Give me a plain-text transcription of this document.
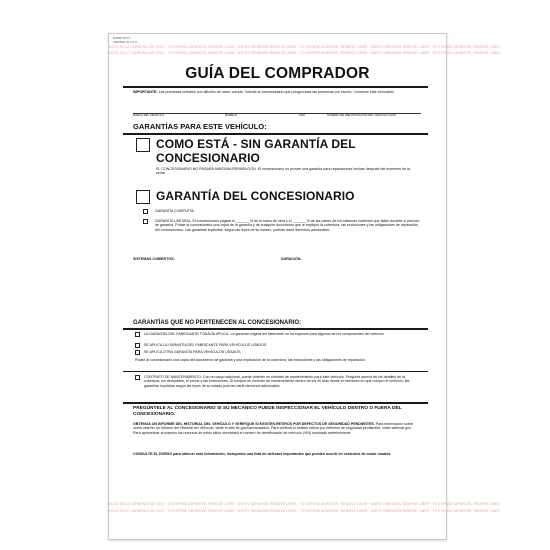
BG59P 500-3
PRINTED IN U.S.A.
ROJO SOLO CARBONLESS VOID · TO EXPOSE ADHESIVE, REMOVE LINER · AVERY DENNISON REMOVE LINER · TO EXPOSE ADHESIVE, REMOVE LINER · AVERY DENNISON REMOVE LINER · TO EXPOSE ADHESIVE, REMOVE LINER
ROJO SOLO CARBONLESS VOID · TO EXPOSE ADHESIVE, REMOVE LINER · AVERY DENNISON REMOVE LINER · TO EXPOSE ADHESIVE, REMOVE LINER · AVERY DENNISON REMOVE LINER · TO EXPOSE ADHESIVE, REMOVE LINER
GUÍA DEL COMPRADOR
IMPORTANTE: Las promesas verbales son difíciles de hacer cumplir. Solicite al concesionario que ponga todas las promesas por escrito. Conserve este formulario.
MARCA DEL VEHÍCULO	MODELO	AÑO	NÚMERO DE IDENTIFICACIÓN DEL VEHÍCULO (VIN)
GARANTÍAS PARA ESTE VEHÍCULO:
COMO ESTÁ - SIN GARANTÍA DEL
CONCESIONARIO
EL CONCESIONARIO NO PAGARÁ NINGUNA REPARACIÓN. El concesionario no provee una garantía para reparaciones hechas después del momento de la venta.
GARANTÍA DEL CONCESIONARIO
GARANTÍA COMPLETA.
GARANTÍA LIMITADA. El concesionario pagará el _______% de la mano de obra y el _______% de las partes de los sistemas cubiertos que fallen durante el período de garantía. Pídale al concesionario una copia de la garantía y de cualquier documento que le explique la cobertura, las exclusiones y las obligaciones de reparación del concesionario. Las garantías implícitas, según las leyes de su estado, podrían darle derechos adicionales.
SISTEMAS CUBIERTOS:	DURACIÓN:
GARANTÍAS QUE NO PERTENECEN AL CONCESIONARIO:
LA GARANTÍA DEL FABRICANTE TODAVÍA APLICA. La garantía original del fabricante no ha expirado para algunos de los componentes del vehículo.
SE APLICA LA GARANTÍA DEL FABRICANTE PARA VEHÍCULOS USADOS.
SE APLICA OTRA GARANTÍA PARA VEHÍCULOS USADOS.
Pídale al concesionario una copia del documento de garantía y una explicación de la cobertura, las exclusiones y las obligaciones de reparación.
CONTRATO DE MANTENIMIENTO: Con un cargo adicional, puede obtener un contrato de mantenimiento para este vehículo. Pregunte acerca de los detalles de la cobertura, los deducibles, el precio y las exclusiones. Si compra un contrato de mantenimiento dentro de los 90 días desde el momento en que compró el vehículo, las garantías implícitas según las leyes de su estado podrían darle derechos adicionales.
PREGÚNTELE AL CONCESIONARIO SI SU MECÁNICO PUEDE INSPECCIONAR EL VEHÍCULO DENTRO O FUERA DEL CONCESIONARIO.
OBTENGA UN INFORME DEL HISTORIAL DEL VEHÍCULO Y VERIFIQUE SI EXISTEN RETIROS POR DEFECTOS DE SEGURIDAD PENDIENTES. Para información sobre cómo obtener un Informe del Historial del Vehículo, visite el sitio ftc.gov/carrosusados. Para verificar si existen retiros por defectos de seguridad pendientes, visite safercar.gov. Para aprovechar al máximo los recursos de estos sitios necesitará el número de identificación de vehículo (VIN) mostrado anteriormente.
CONSULTE EL DORSO para obtener más información, incluyendo una lista de defectos importantes que pueden ocurrir en vehículos de motor usados.
ROJO SOLO CARBONLESS VOID · TO EXPOSE ADHESIVE, REMOVE LINER · AVERY DENNISON REMOVE LINER · TO EXPOSE ADHESIVE, REMOVE LINER · AVERY DENNISON REMOVE LINER · TO EXPOSE ADHESIVE, REMOVE LINER
ROJO SOLO CARBONLESS VOID · TO EXPOSE ADHESIVE, REMOVE LINER · AVERY DENNISON REMOVE LINER · TO EXPOSE ADHESIVE, REMOVE LINER · AVERY DENNISON REMOVE LINER · TO EXPOSE ADHESIVE, REMOVE LINER
